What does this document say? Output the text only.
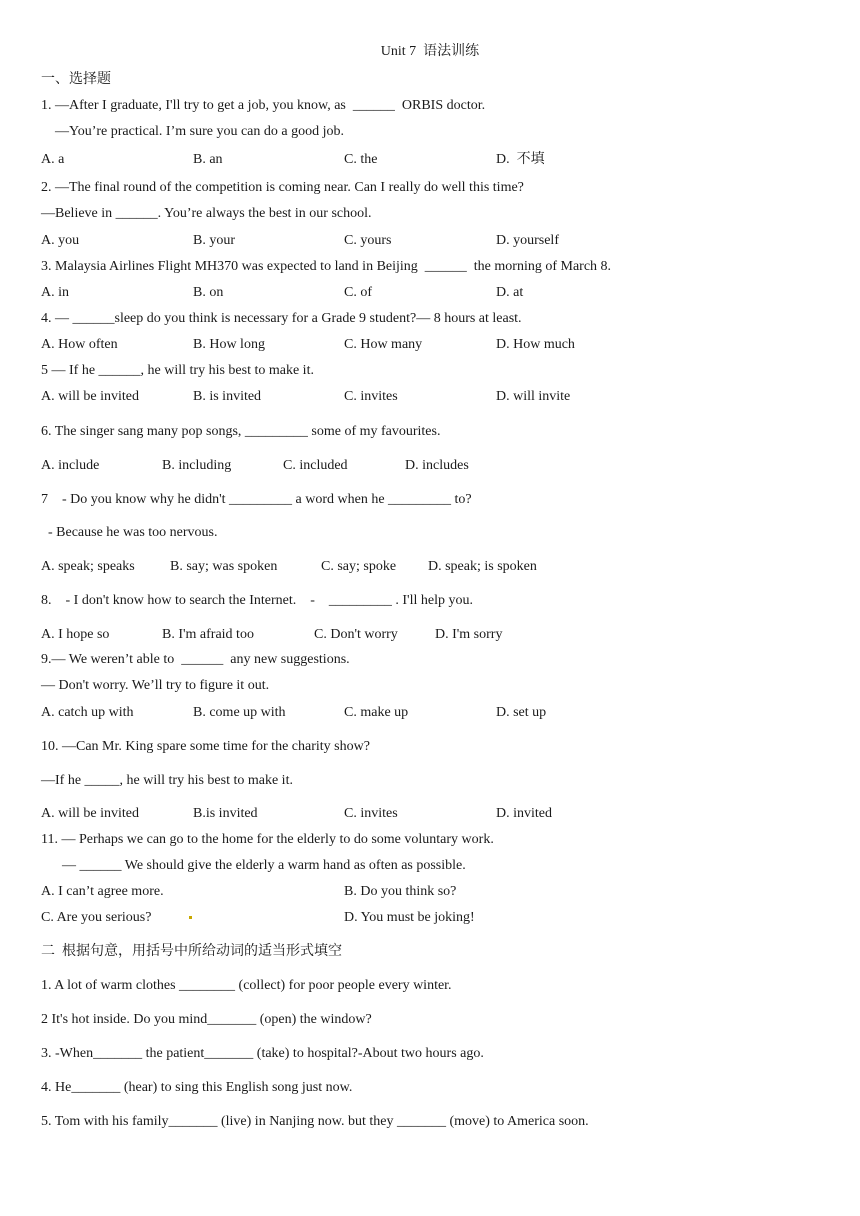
Unit 7  语法训练
一、选择题
1. —After I graduate, I'll try to get a job, you know, as  ______  ORBIS doctor.
—You’re practical. I’m sure you can do a good job.
A. a	B. an	C. the	D.  不填
2. —The final round of the competition is coming near. Can I really do well this time?
—Believe in ______. You’re always the best in our school.
A. you	B. your	C. yours	D. yourself
3. Malaysia Airlines Flight MH370 was expected to land in Beijing  ______  the morning of March 8.
A. in	B. on	C. of	D. at
4. — ______sleep do you think is necessary for a Grade 9 student?— 8 hours at least.
A. How often	B. How long	C. How many	D. How much
5 — If he ______, he will try his best to make it.
A. will be invited	B. is invited	C. invites	D. will invite
6. The singer sang many pop songs, _________ some of my favourites.
A. include	B. including	C. included	D. includes
7    - Do you know why he didn't _________ a word when he _________ to?
- Because he was too nervous.
A. speak; speaks	B. say; was spoken	C. say; spoke D. speak; is spoken
8.    - I don't know how to search the Internet.    -    _________ . I'll help you.
A. I hope so	B. I'm afraid too	C. Don't worry	D. I'm sorry
9.— We weren’t able to  ______  any new suggestions.
— Don't worry. We’ll try to figure it out.
A. catch up with	B. come up with	C. make up	D. set up
10. —Can Mr. King spare some time for the charity show?
—If he _____, he will try his best to make it.
A. will be invited	B.is invited	C. invites	D. invited
11. — Perhaps we can go to the home for the elderly to do some voluntary work.
— ______ We should give the elderly a warm hand as often as possible.
A. I can’t agree more.	B. Do you think so?
C. Are you serious?	D. You must be joking!
二  根据句意，用括号中所给动词的适当形式填空
1. A lot of warm clothes ________ (collect) for poor people every winter.
2 It's hot inside. Do you mind_______ (open) the window?
3. -When_______ the patient_______ (take) to hospital?-About two hours ago.
4. He_______ (hear) to sing this English song just now.
5. Tom with his family_______ (live) in Nanjing now. but they _______ (move) to America soon.
